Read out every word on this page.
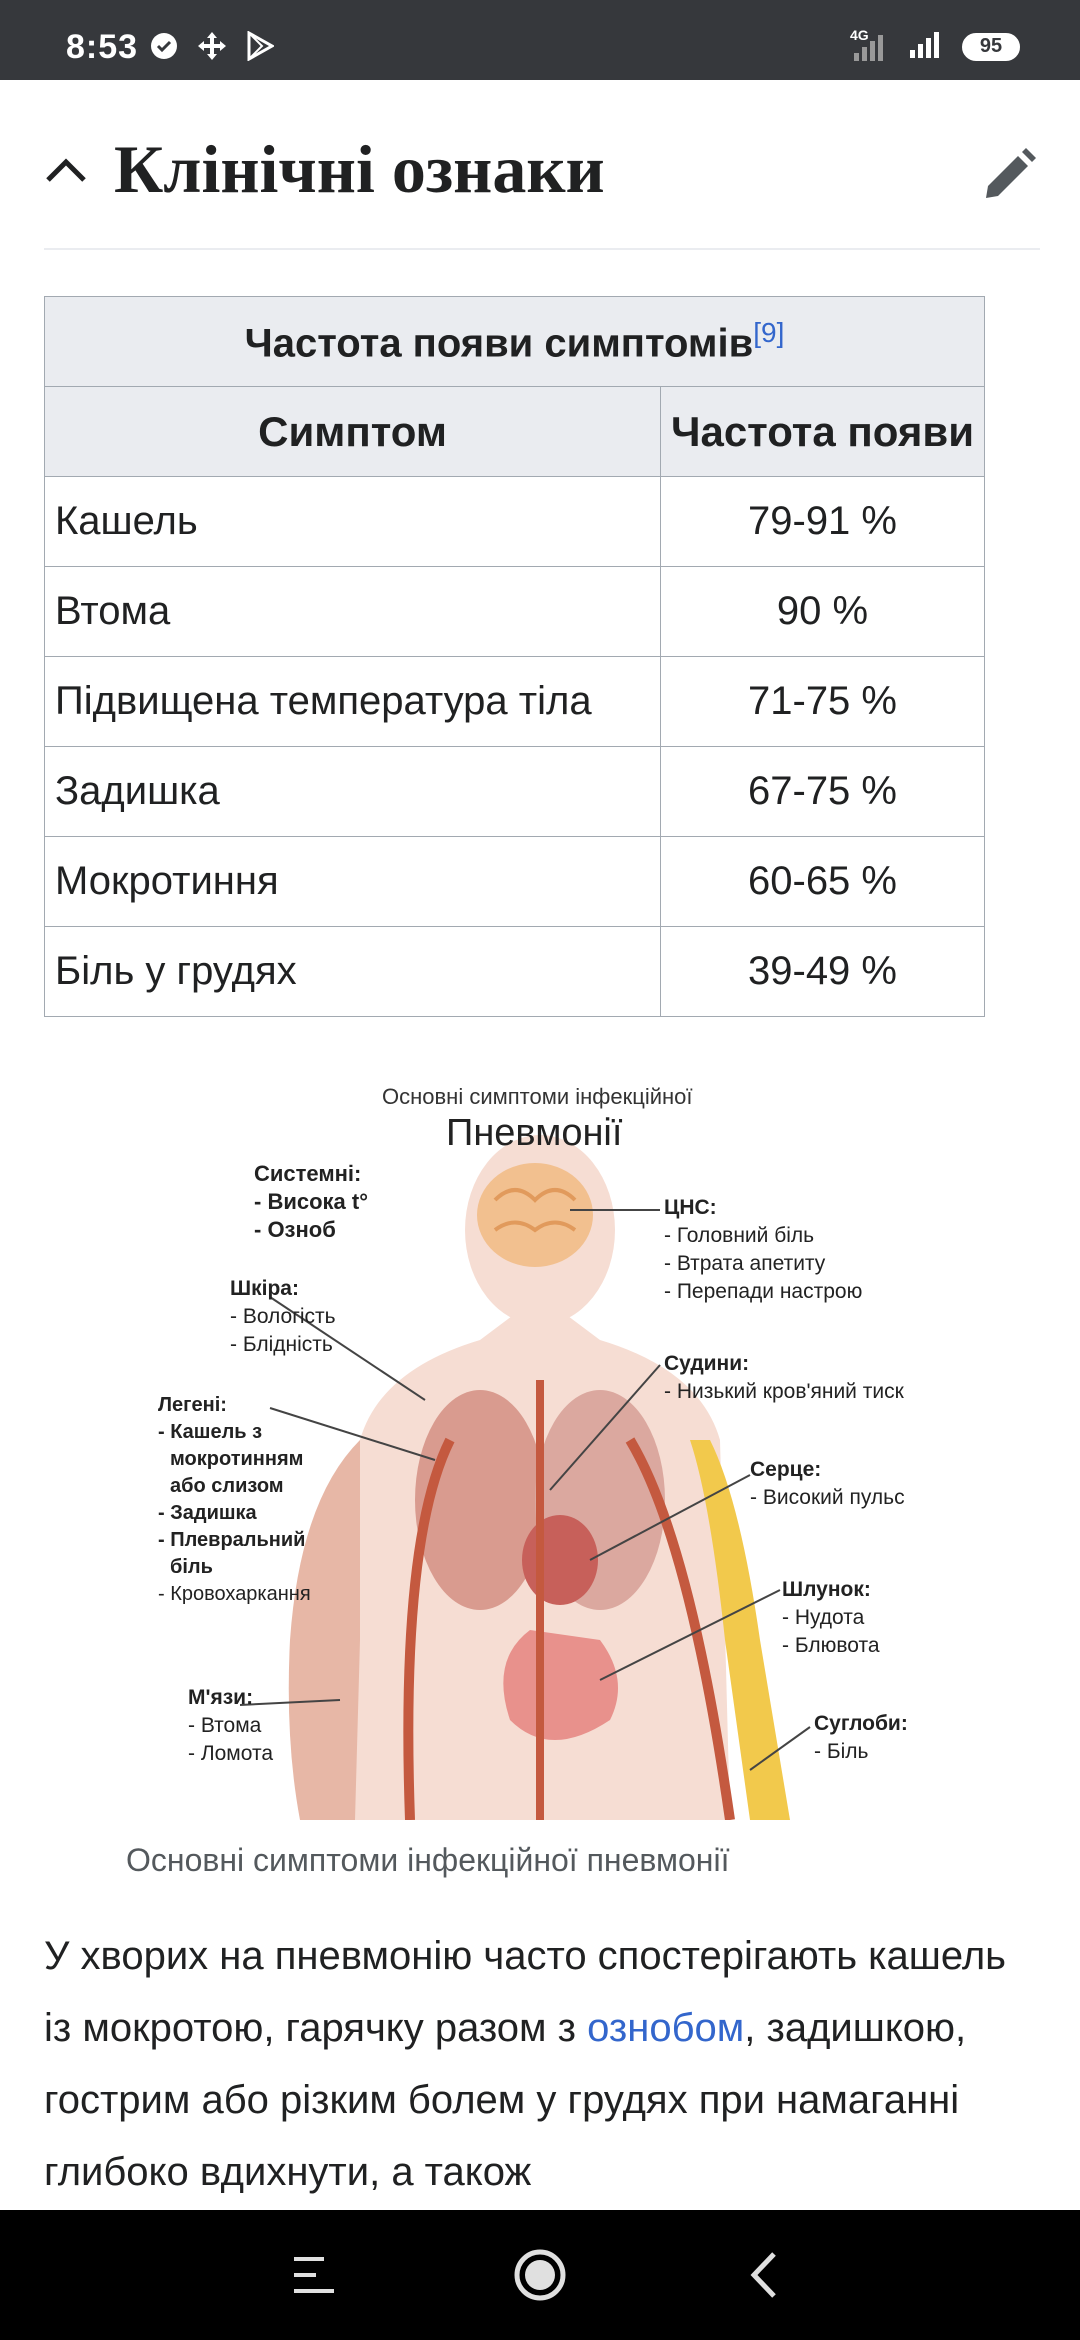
8:53	4G
95
Клінічні ознаки
Частота появи симптомів[9]
Симптом	Частота появи
Кашель	79-91 %
Втома	90 %
Підвищена температура тіла	71-75 %
Задишка	67-75 %
Мокротиння	60-65 %
Біль у грудях	39-49 %
Основні симптоми інфекційної
Пневмонії
Системні:
- Висока t°
- Озноб
Шкіра:
- Вологість
- Блідність
Легені:
- Кашель з
мокротинням
або слизом
- Задишка
- Плевральний
біль
- Кровохаркання
М'язи:
- Втома
- Ломота
ЦНС:
- Головний біль
- Втрата апетиту
- Перепади настрою
Судини:
- Низький кров'яний тиск
Серце:
- Високий пульс
Шлунок:
- Нудота
- Блювота
Суглоби:
- Біль
Основні симптоми інфекційної пневмонії

У хворих на пневмонію часто спостерігають кашель із мокротою, гарячку разом з ознобом, задишкою, гострим або різким болем у грудях при намаганні глибоко вдихнути, а також
